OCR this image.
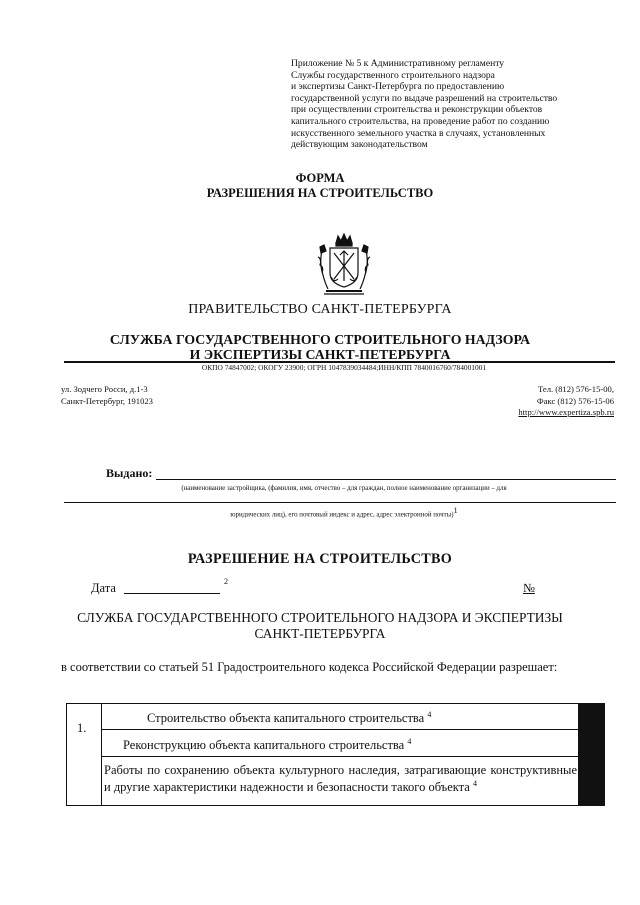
Приложение № 5 к Административному регламенту
Службы государственного строительного надзора
и экспертизы Санкт-Петербурга по предоставлению
государственной услуги по выдаче разрешений на строительство
при осуществлении строительства и реконструкции объектов
капитального строительства, на проведение работ по созданию
искусственного земельного участка в случаях, установленных
действующим законодательством
ФОРМА
РАЗРЕШЕНИЯ НА СТРОИТЕЛЬСТВО
ПРАВИТЕЛЬСТВО САНКТ-ПЕТЕРБУРГА
СЛУЖБА ГОСУДАРСТВЕННОГО СТРОИТЕЛЬНОГО НАДЗОРА
И ЭКСПЕРТИЗЫ САНКТ-ПЕТЕРБУРГА
ОКПО 74847002; ОКОГУ 23900; ОГРН 1047839034484;ИНН/КПП 7840016760/784001001
ул. Зодчего Росси, д.1-3
Санкт-Петербург, 191023
Тел. (812) 576-15-00,
Факс (812) 576-15-06
http://www.expertiza.spb.ru
Выдано:
(наименование застройщика, (фамилия, имя, отчество – для граждан, полное наименование организации – для
юридических лиц), его почтовый индекс и адрес, адрес электронной почты)$^1$
РАЗРЕШЕНИЕ НА СТРОИТЕЛЬСТВО
Дата	2	№
СЛУЖБА ГОСУДАРСТВЕННОГО СТРОИТЕЛЬНОГО НАДЗОРА И ЭКСПЕРТИЗЫ
САНКТ-ПЕТЕРБУРГА
в соответствии со статьей 51 Градостроительного кодекса Российской Федерации разрешает:
1.
Строительство объекта капитального строительства $^4$
Реконструкцию объекта капитального строительства $^4$
Работы по сохранению объекта культурного наследия, затрагивающие конструктивные и другие характеристики надежности и безопасности такого объекта $^4$
